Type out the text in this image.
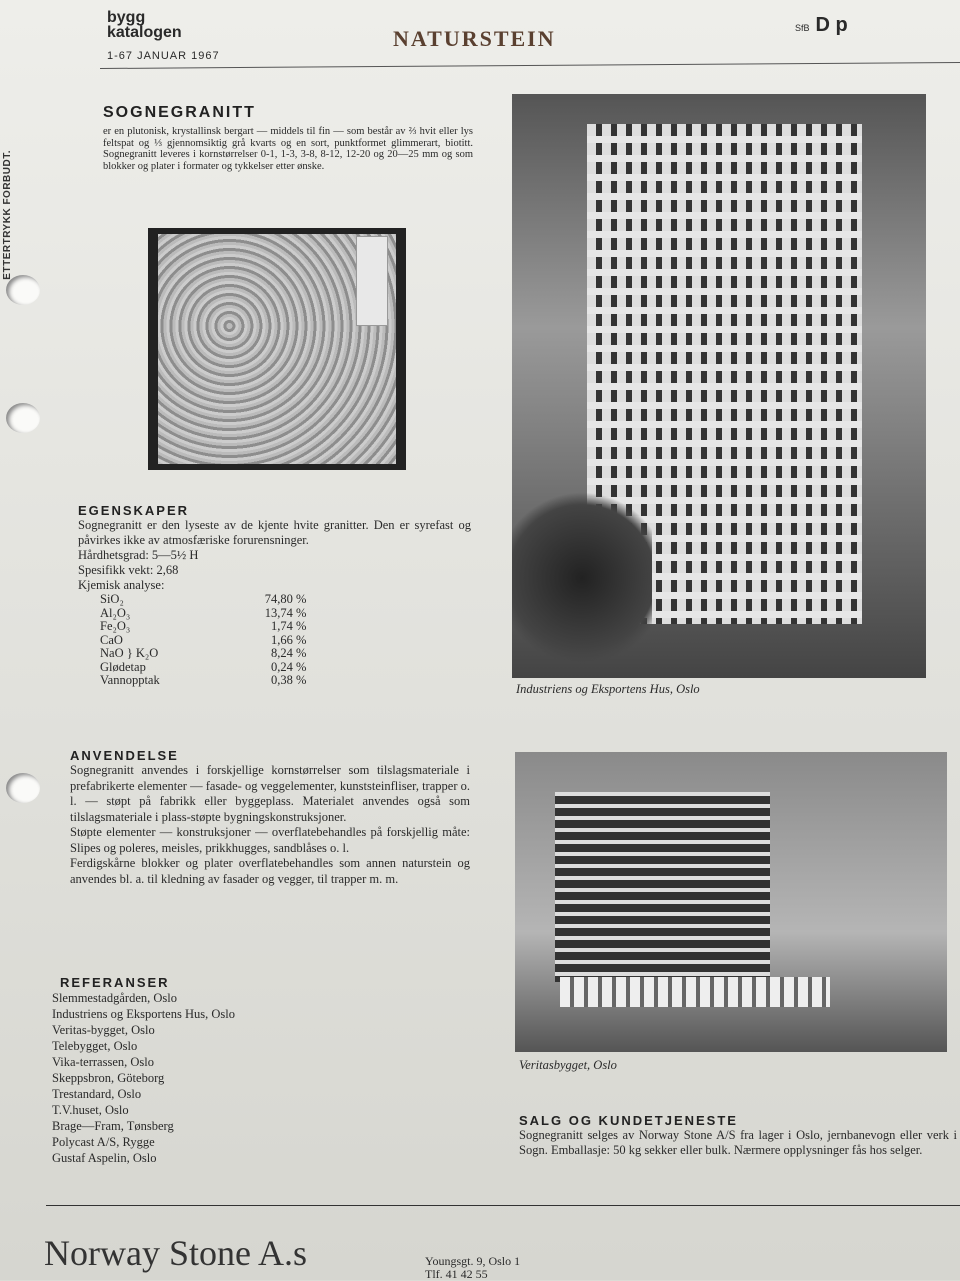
ETTERTRYKK FORBUDT.
bygg
katalogen
1-67 JANUAR 1967
NATURSTEIN	SfB D p
SOGNEGRANITT

er en plutonisk, krystallinsk bergart — middels til fin — som består av ⅔ hvit eller lys feltspat og ⅓ gjennomsiktig grå kvarts og en sort, punktformet glimmerart, biotitt. Sognegranitt leveres i kornstørrelser 0-1, 1-3, 3-8, 8-12, 12-20 og 20—25 mm og som blokker og plater i formater og tykkelser etter ønske.

EGENSKAPER

Sognegranitt er den lyseste av de kjente hvite granitter. Den er syrefast og påvirkes ikke av atmosfæriske forurensninger.

Hårdhetsgrad: 5—5½ H

Spesifikk vekt: 2,68

Kjemisk analyse:

SiO₂	74,80 %
Al₂O₃	13,74 %
Fe₂O₃	1,74 %
CaO	1,66 %
NaO } K₂O	8,24 %
Glødetap	0,24 %
Vannopptak	0,38 %
ANVENDELSE

Sognegranitt anvendes i forskjellige kornstørrelser som tilslagsmateriale i prefabrikerte elementer — fasade- og veggelementer, kunststeinfliser, trapper o. l. — støpt på fabrikk eller byggeplass. Materialet anvendes også som tilslagsmateriale i plass-støpte bygningskonstruksjoner.

Støpte elementer — konstruksjoner — overflatebehandles på forskjellig måte: Slipes og poleres, meisles, prikkhugges, sandblåses o. l.

Ferdigskårne blokker og plater overflatebehandles som annen naturstein og anvendes bl. a. til kledning av fasader og vegger, til trapper m. m.

REFERANSER
Slemmestadgården, Oslo
Industriens og Eksportens Hus, Oslo
Veritas-bygget, Oslo
Telebygget, Oslo
Vika-terrassen, Oslo
Skeppsbron, Göteborg
Trestandard, Oslo
T.V.huset, Oslo
Brage—Fram, Tønsberg
Polycast A/S, Rygge
Gustaf Aspelin, Oslo
Industriens og Eksportens Hus, Oslo
Veritasbygget, Oslo
SALG OG KUNDETJENESTE

Sognegranitt selges av Norway Stone A/S fra lager i Oslo, jernbanevogn eller verk i Sogn. Emballasje: 50 kg sekker eller bulk. Nærmere opplysninger fås hos selger.

Norway Stone A.s	Youngsgt. 9, Oslo 1
Tlf. 41 42 55
